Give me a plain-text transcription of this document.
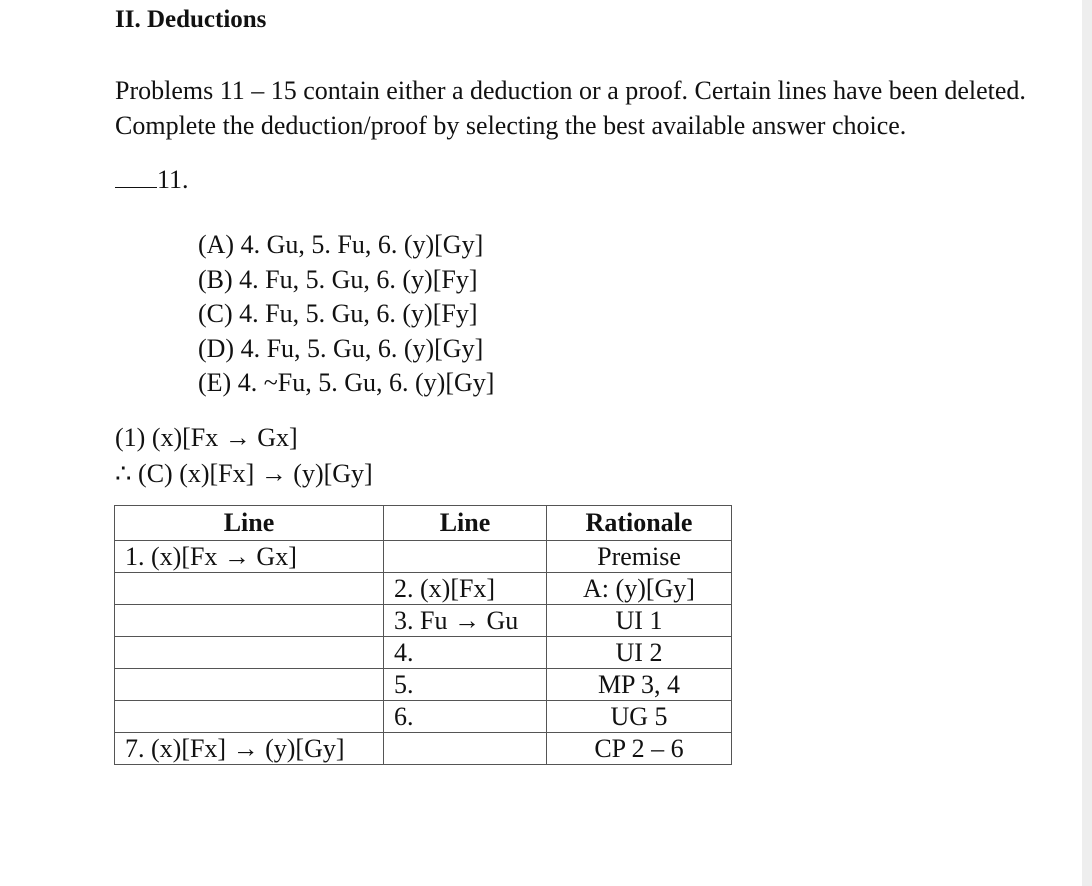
II. Deductions
Problems 11 – 15 contain either a deduction or a proof. Certain lines have been deleted.
Complete the deduction/proof by selecting the best available answer choice.
11.
(A) 4. Gu, 5. Fu, 6. (y)[Gy]
(B) 4. Fu, 5. Gu, 6. (y)[Fy]
(C) 4. Fu, 5. Gu, 6. (y)[Fy]
(D) 4. Fu, 5. Gu, 6. (y)[Gy]
(E) 4. ~Fu, 5. Gu, 6. (y)[Gy]
(1) (x)[Fx → Gx]
∴ (C) (x)[Fx] → (y)[Gy]
Line	Line	Rationale
1. (x)[Fx → Gx]		Premise
	2. (x)[Fx]	A: (y)[Gy]
	3. Fu → Gu	UI 1
	4.	UI 2
	5.	MP 3, 4
	6.	UG 5
7. (x)[Fx] → (y)[Gy]		CP 2 – 6
